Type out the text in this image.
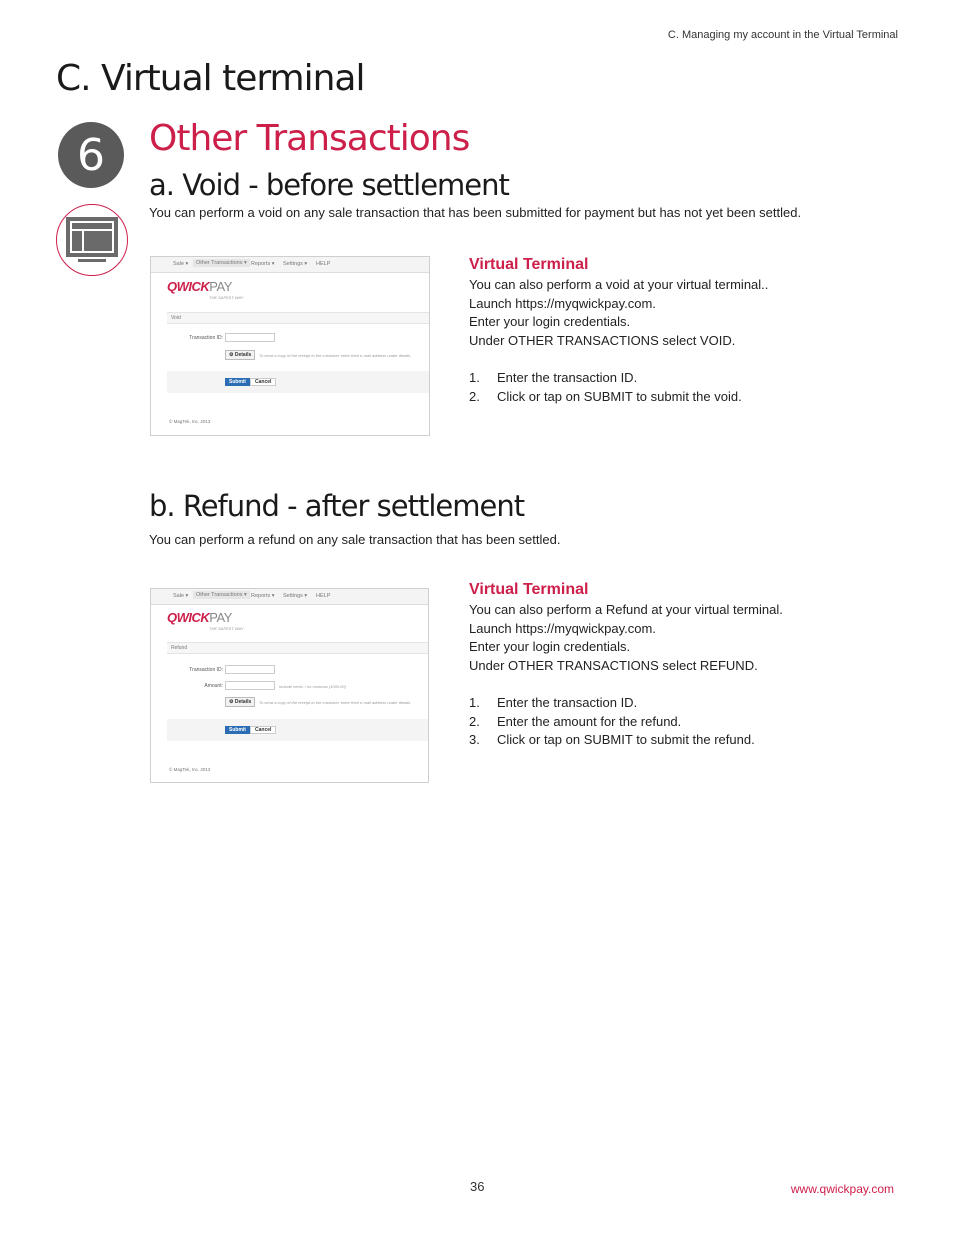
C. Managing my account in the Virtual Terminal
C. Virtual terminal
6	Other Transactions
a. Void - before settlement
You can perform a void on any sale transaction that has been submitted for payment but has not yet been settled.
Sale ▾	Other Transactions ▾ Reports ▾ Settings ▾ HELP
QWICKPAY
THE SAFEST WAY
Void
Transaction ID:
⚙ Details	To send a copy of the receipt to the customer, enter their e-mail address under details.
Submit	Cancel
© MagTek, Inc. 2013
Virtual Terminal

You can also perform a void at your virtual terminal..

Launch https://myqwickpay.com.

Enter your login credentials.

Under OTHER TRANSACTIONS select VOID.

1. Enter the transaction ID.
2. Click or tap on SUBMIT to submit the void.
b. Refund - after settlement
You can perform a refund on any sale transaction that has been settled.
Sale ▾	Other Transactions ▾ Reports ▾ Settings ▾ HELP
QWICKPAY
THE SAFEST WAY
Refund
Transaction ID:
Amount:	Include cents, / no commas (1000.00)
⚙ Details	To send a copy of the receipt to the customer, enter their e-mail address under details.
Submit	Cancel
© MagTek, Inc. 2013
Virtual Terminal

You can also perform a Refund at your virtual terminal.

Launch https://myqwickpay.com.

Enter your login credentials.

Under OTHER TRANSACTIONS select REFUND.

1. Enter the transaction ID.
2. Enter the amount for the refund.
3. Click or tap on SUBMIT to submit the refund.
36	www.qwickpay.com
